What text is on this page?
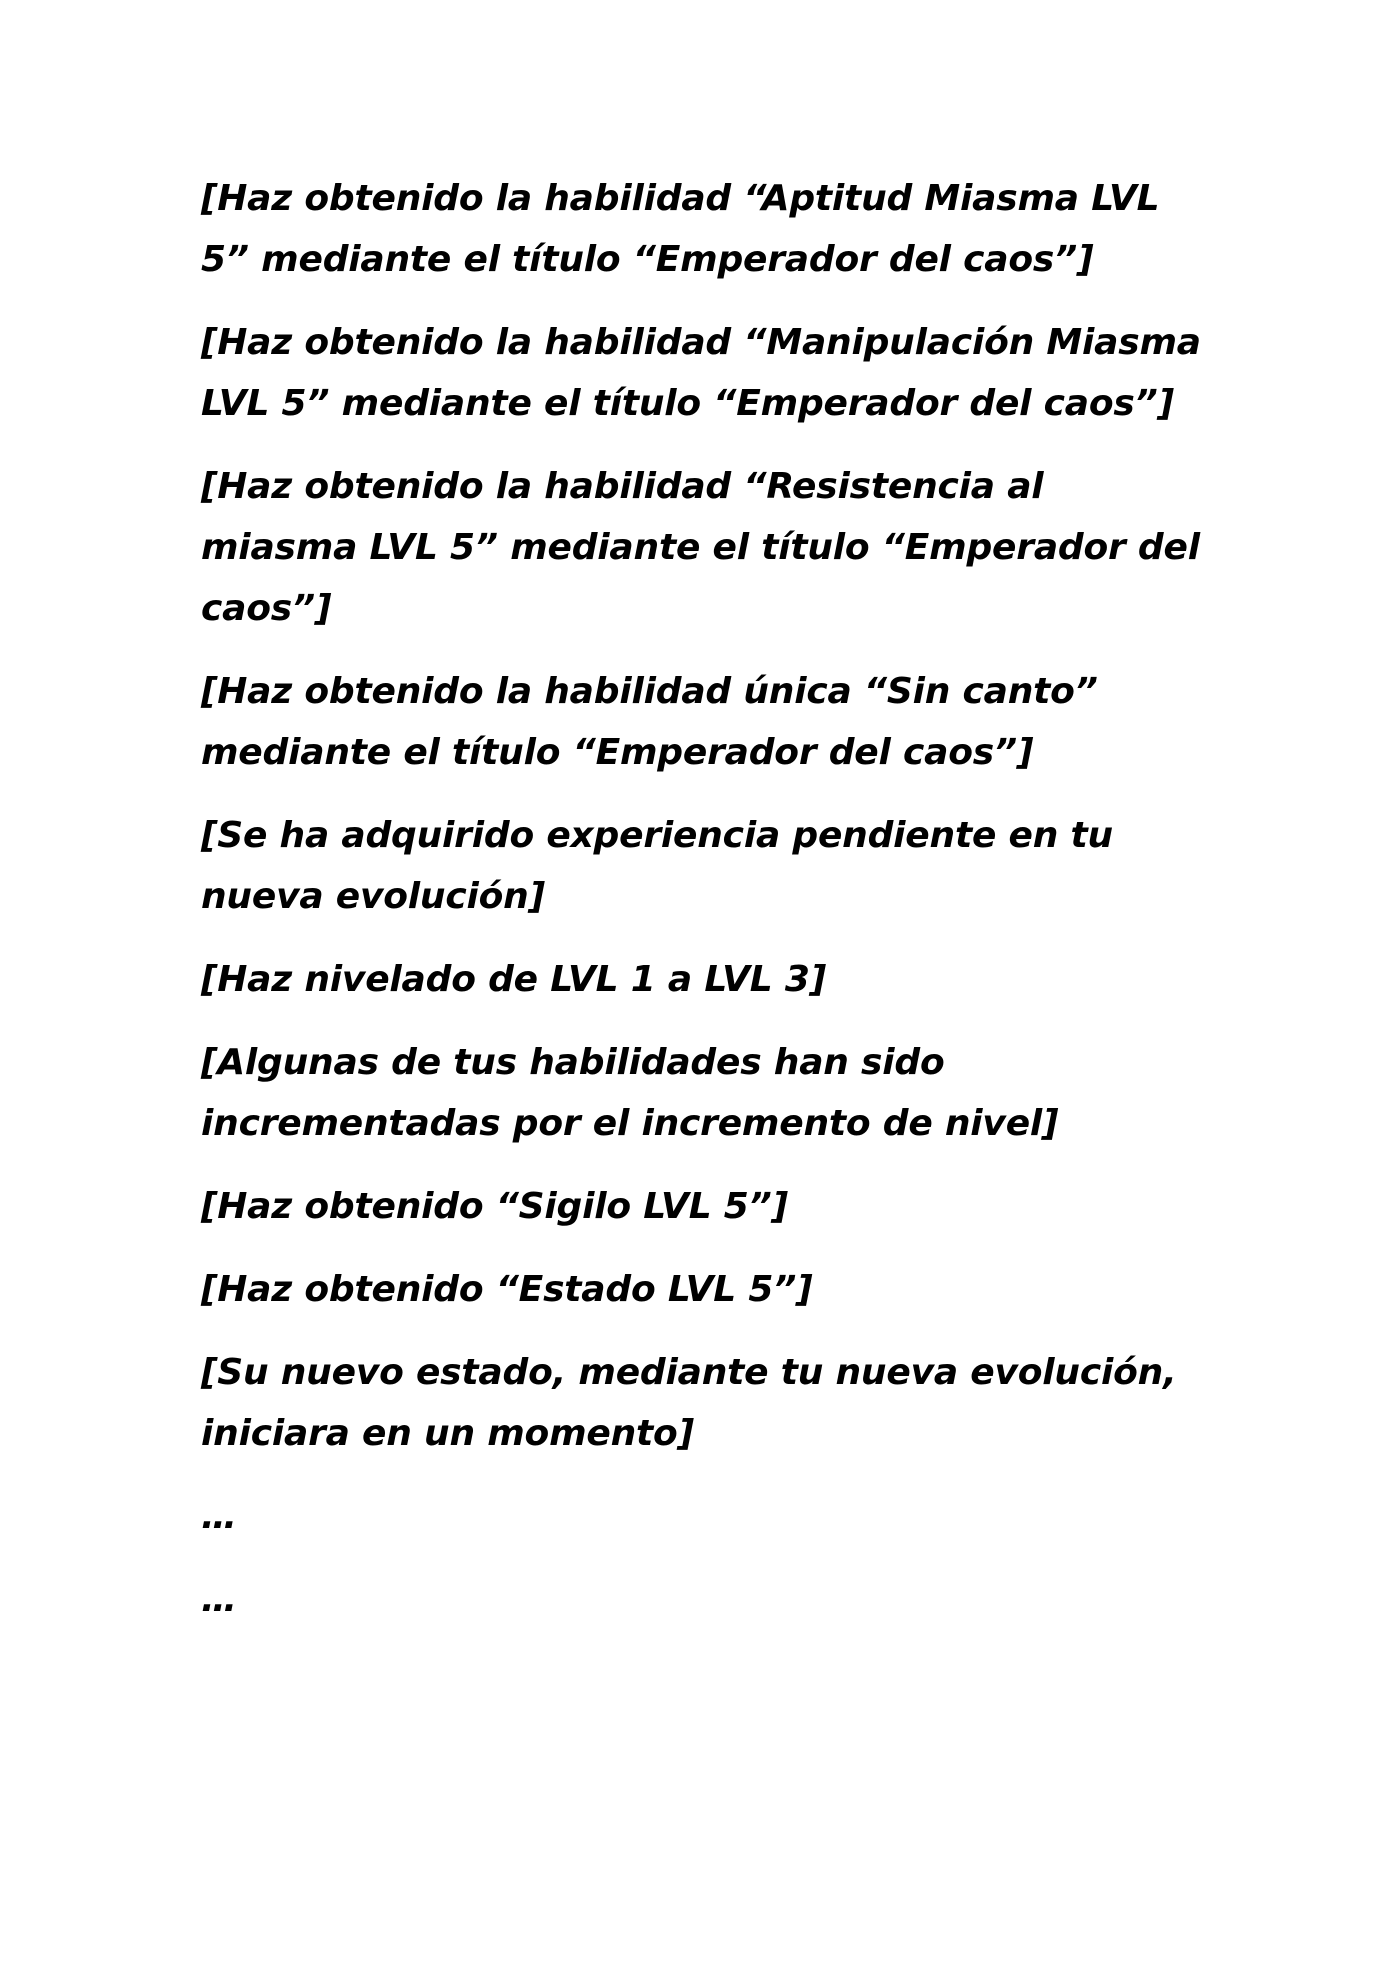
[Haz obtenido la habilidad “Aptitud Miasma LVL 5” mediante el título “Emperador del caos”]

[Haz obtenido la habilidad “Manipulación Miasma LVL 5” mediante el título “Emperador del caos”]

[Haz obtenido la habilidad “Resistencia al miasma LVL 5” mediante el título “Emperador del caos”]

[Haz obtenido la habilidad única “Sin canto” mediante el título “Emperador del caos”]

[Se ha adquirido experiencia pendiente en tu nueva evolución]

[Haz nivelado de LVL 1 a LVL 3]

[Algunas de tus habilidades han sido incrementadas por el incremento de nivel]

[Haz obtenido “Sigilo LVL 5”]

[Haz obtenido “Estado LVL 5”]

[Su nuevo estado, mediante tu nueva evolución, iniciara en un momento]

…

…
